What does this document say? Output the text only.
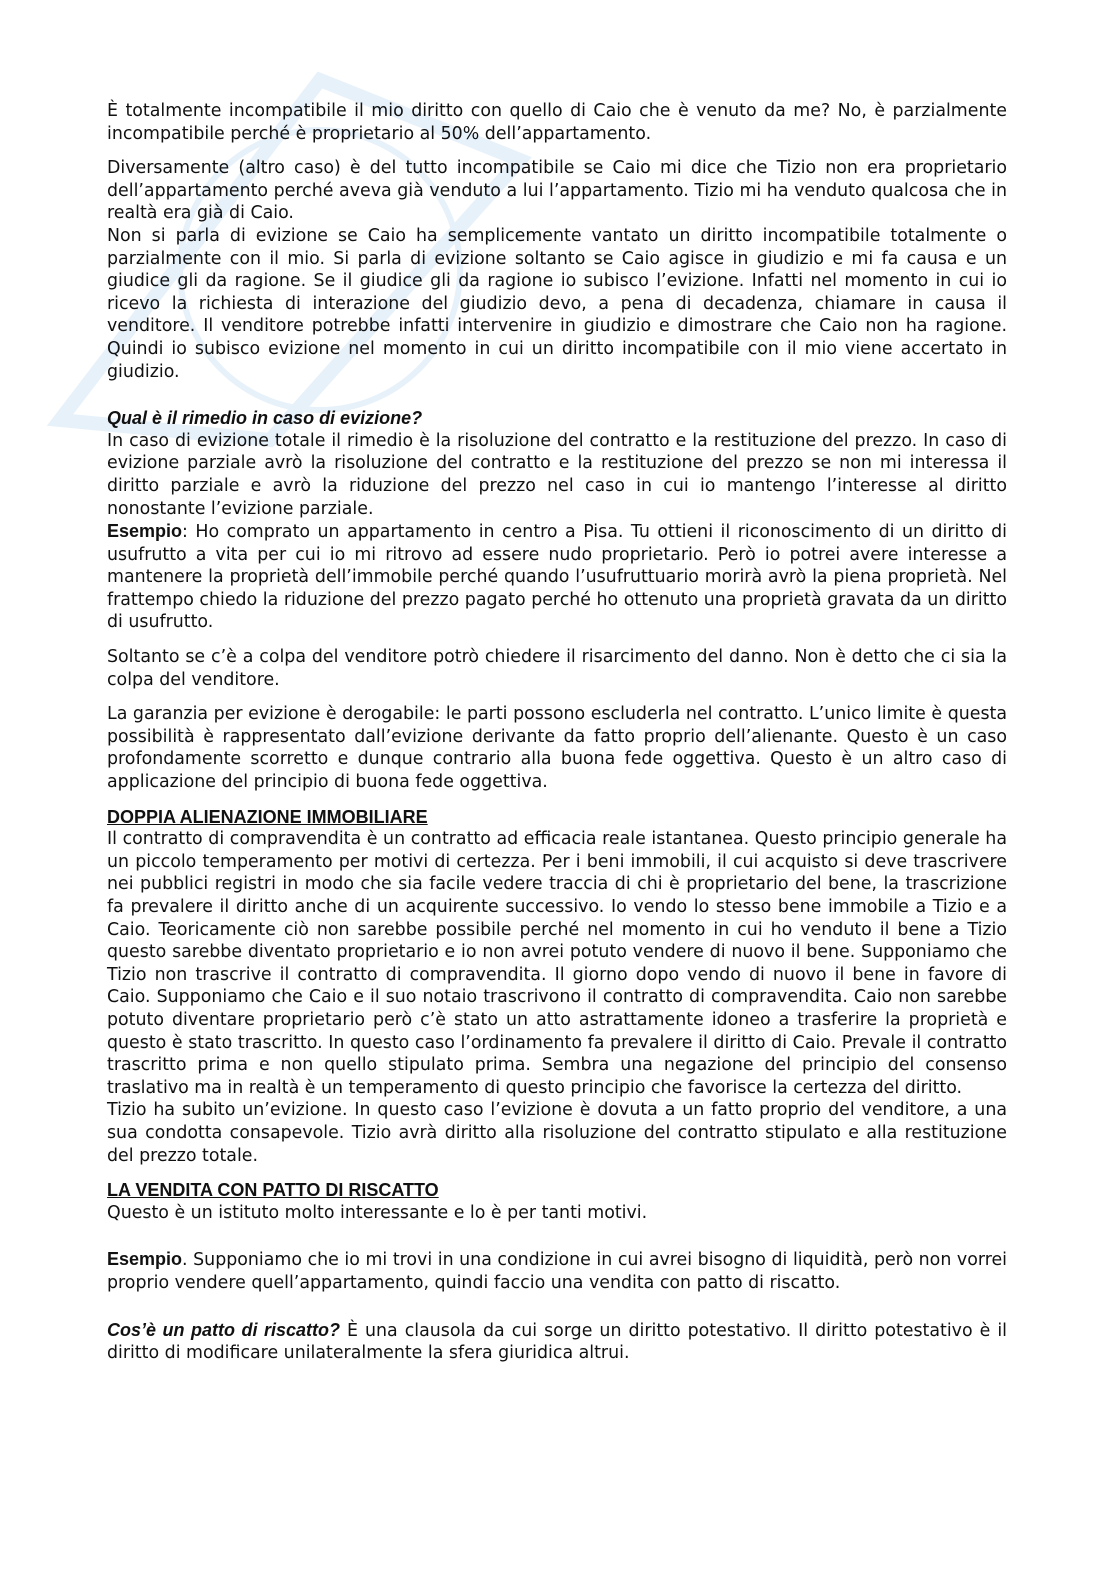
È totalmente incompatibile il mio diritto con quello di Caio che è venuto da me? No, è parzialmente incompatibile perché è proprietario al 50% dell’appartamento.

Diversamente (altro caso) è del tutto incompatibile se Caio mi dice che Tizio non era proprietario dell’appartamento perché aveva già venduto a lui l’appartamento. Tizio mi ha venduto qualcosa che in realtà era già di Caio.

Non si parla di evizione se Caio ha semplicemente vantato un diritto incompatibile totalmente o parzialmente con il mio. Si parla di evizione soltanto se Caio agisce in giudizio e mi fa causa e un giudice gli da ragione. Se il giudice gli da ragione io subisco l’evizione. Infatti nel momento in cui io ricevo la richiesta di interazione del giudizio devo, a pena di decadenza, chiamare in causa il venditore. Il venditore potrebbe infatti intervenire in giudizio e dimostrare che Caio non ha ragione. Quindi io subisco evizione nel momento in cui un diritto incompatibile con il mio viene accertato in giudizio.

Qual è il rimedio in caso di evizione?

In caso di evizione totale il rimedio è la risoluzione del contratto e la restituzione del prezzo. In caso di evizione parziale avrò la risoluzione del contratto e la restituzione del prezzo se non mi interessa il diritto parziale e avrò la riduzione del prezzo nel caso in cui io mantengo l’interesse al diritto nonostante l’evizione parziale.

Esempio: Ho comprato un appartamento in centro a Pisa. Tu ottieni il riconoscimento di un diritto di usufrutto a vita per cui io mi ritrovo ad essere nudo proprietario. Però io potrei avere interesse a mantenere la proprietà dell’immobile perché quando l’usufruttuario morirà avrò la piena proprietà. Nel frattempo chiedo la riduzione del prezzo pagato perché ho ottenuto una proprietà gravata da un diritto di usufrutto.

Soltanto se c’è a colpa del venditore potrò chiedere il risarcimento del danno. Non è detto che ci sia la colpa del venditore.

La garanzia per evizione è derogabile: le parti possono escluderla nel contratto. L’unico limite è questa possibilità è rappresentato dall’evizione derivante da fatto proprio dell’alienante. Questo è un caso profondamente scorretto e dunque contrario alla buona fede oggettiva. Questo è un altro caso di applicazione del principio di buona fede oggettiva.

DOPPIA ALIENAZIONE IMMOBILIARE

Il contratto di compravendita è un contratto ad efficacia reale istantanea. Questo principio generale ha un piccolo temperamento per motivi di certezza. Per i beni immobili, il cui acquisto si deve trascrivere nei pubblici registri in modo che sia facile vedere traccia di chi è proprietario del bene, la trascrizione fa prevalere il diritto anche di un acquirente successivo. Io vendo lo stesso bene immobile a Tizio e a Caio. Teoricamente ciò non sarebbe possibile perché nel momento in cui ho venduto il bene a Tizio questo sarebbe diventato proprietario e io non avrei potuto vendere di nuovo il bene. Supponiamo che Tizio non trascrive il contratto di compravendita. Il giorno dopo vendo di nuovo il bene in favore di Caio. Supponiamo che Caio e il suo notaio trascrivono il contratto di compravendita. Caio non sarebbe potuto diventare proprietario però c’è stato un atto astrattamente idoneo a trasferire la proprietà e questo è stato trascritto. In questo caso l’ordinamento fa prevalere il diritto di Caio. Prevale il contratto trascritto prima e non quello stipulato prima. Sembra una negazione del principio del consenso traslativo ma in realtà è un temperamento di questo principio che favorisce la certezza del diritto.

Tizio ha subito un’evizione. In questo caso l’evizione è dovuta a un fatto proprio del venditore, a una sua condotta consapevole. Tizio avrà diritto alla risoluzione del contratto stipulato e alla restituzione del prezzo totale.

LA VENDITA CON PATTO DI RISCATTO

Questo è un istituto molto interessante e lo è per tanti motivi.

Esempio. Supponiamo che io mi trovi in una condizione in cui avrei bisogno di liquidità, però non vorrei proprio vendere quell’appartamento, quindi faccio una vendita con patto di riscatto.

Cos’è un patto di riscatto? È una clausola da cui sorge un diritto potestativo. Il diritto potestativo è il diritto di modificare unilateralmente la sfera giuridica altrui.
